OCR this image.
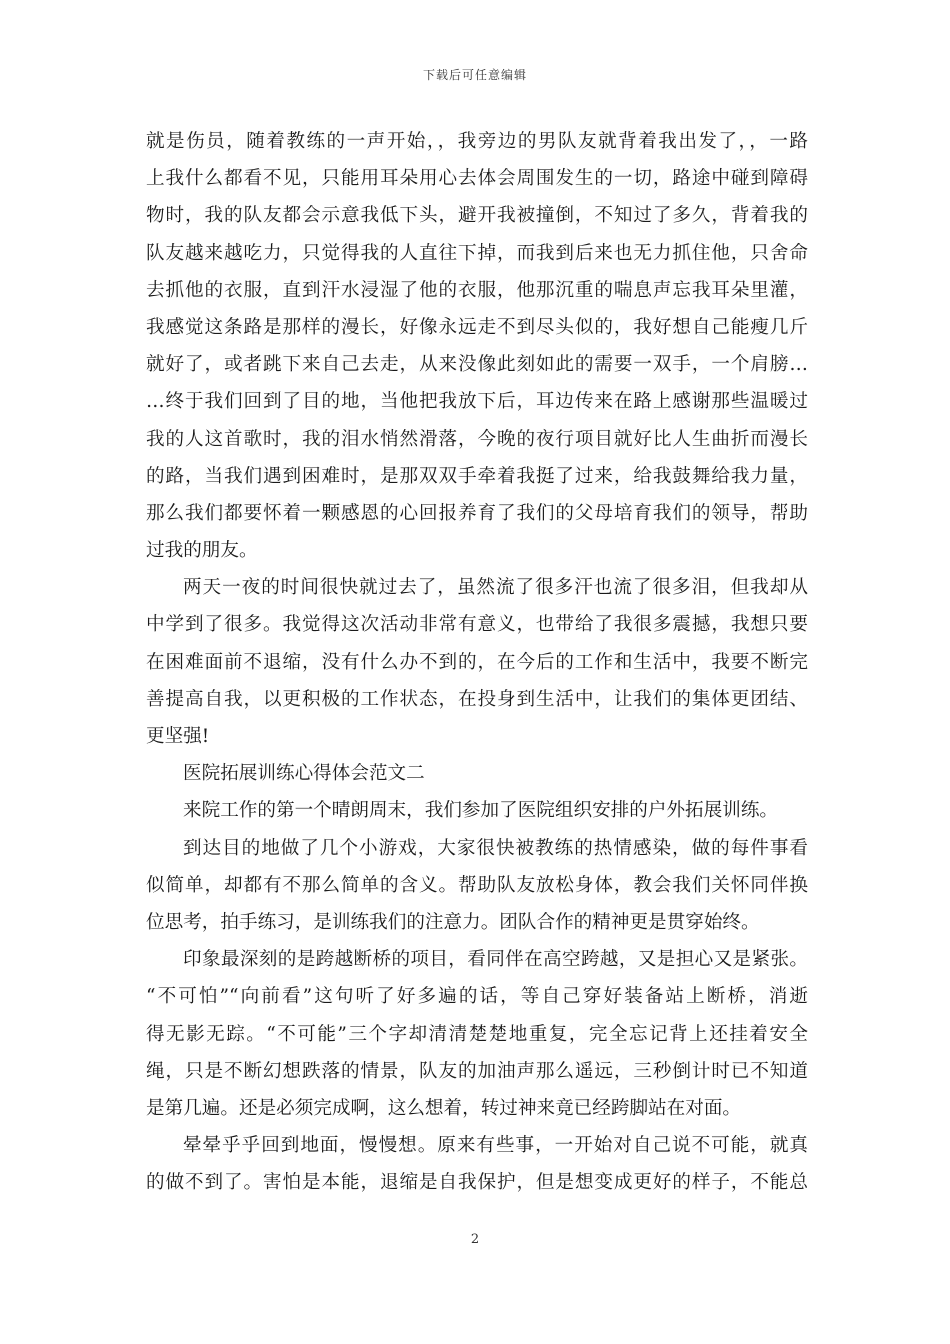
下载后可任意编辑
就是伤员，随着教练的一声开始，，我旁边的男队友就背着我出发了，，一路
上我什么都看不见，只能用耳朵用心去体会周围发生的一切，路途中碰到障碍
物时，我的队友都会示意我低下头，避开我被撞倒，不知过了多久，背着我的
队友越来越吃力，只觉得我的人直往下掉，而我到后来也无力抓住他，只舍命
去抓他的衣服，直到汗水浸湿了他的衣服，他那沉重的喘息声忘我耳朵里灌，
我感觉这条路是那样的漫长，好像永远走不到尽头似的，我好想自己能瘦几斤
就好了，或者跳下来自己去走，从来没像此刻如此的需要一双手，一个肩膀…
…终于我们回到了目的地，当他把我放下后，耳边传来在路上感谢那些温暖过
我的人这首歌时，我的泪水悄然滑落，今晚的夜行项目就好比人生曲折而漫长
的路，当我们遇到困难时，是那双双手牵着我挺了过来，给我鼓舞给我力量，
那么我们都要怀着一颗感恩的心回报养育了我们的父母培育我们的领导，帮助
过我的朋友。
两天一夜的时间很快就过去了，虽然流了很多汗也流了很多泪，但我却从
中学到了很多。我觉得这次活动非常有意义，也带给了我很多震撼，我想只要
在困难面前不退缩，没有什么办不到的，在今后的工作和生活中，我要不断完
善提高自我，以更积极的工作状态，在投身到生活中，让我们的集体更团结、
更坚强!
医院拓展训练心得体会范文二
来院工作的第一个晴朗周末，我们参加了医院组织安排的户外拓展训练。
到达目的地做了几个小游戏，大家很快被教练的热情感染，做的每件事看
似简单，却都有不那么简单的含义。帮助队友放松身体，教会我们关怀同伴换
位思考，拍手练习，是训练我们的注意力。团队合作的精神更是贯穿始终。
印象最深刻的是跨越断桥的项目，看同伴在高空跨越，又是担心又是紧张。
“不可怕”“向前看”这句听了好多遍的话，等自己穿好装备站上断桥，消逝
得无影无踪。“不可能”三个字却清清楚楚地重复，完全忘记背上还挂着安全
绳，只是不断幻想跌落的情景，队友的加油声那么遥远，三秒倒计时已不知道
是第几遍。还是必须完成啊，这么想着，转过神来竟已经跨脚站在对面。
晕晕乎乎回到地面，慢慢想。原来有些事，一开始对自己说不可能，就真
的做不到了。害怕是本能，退缩是自我保护，但是想变成更好的样子，不能总
2
